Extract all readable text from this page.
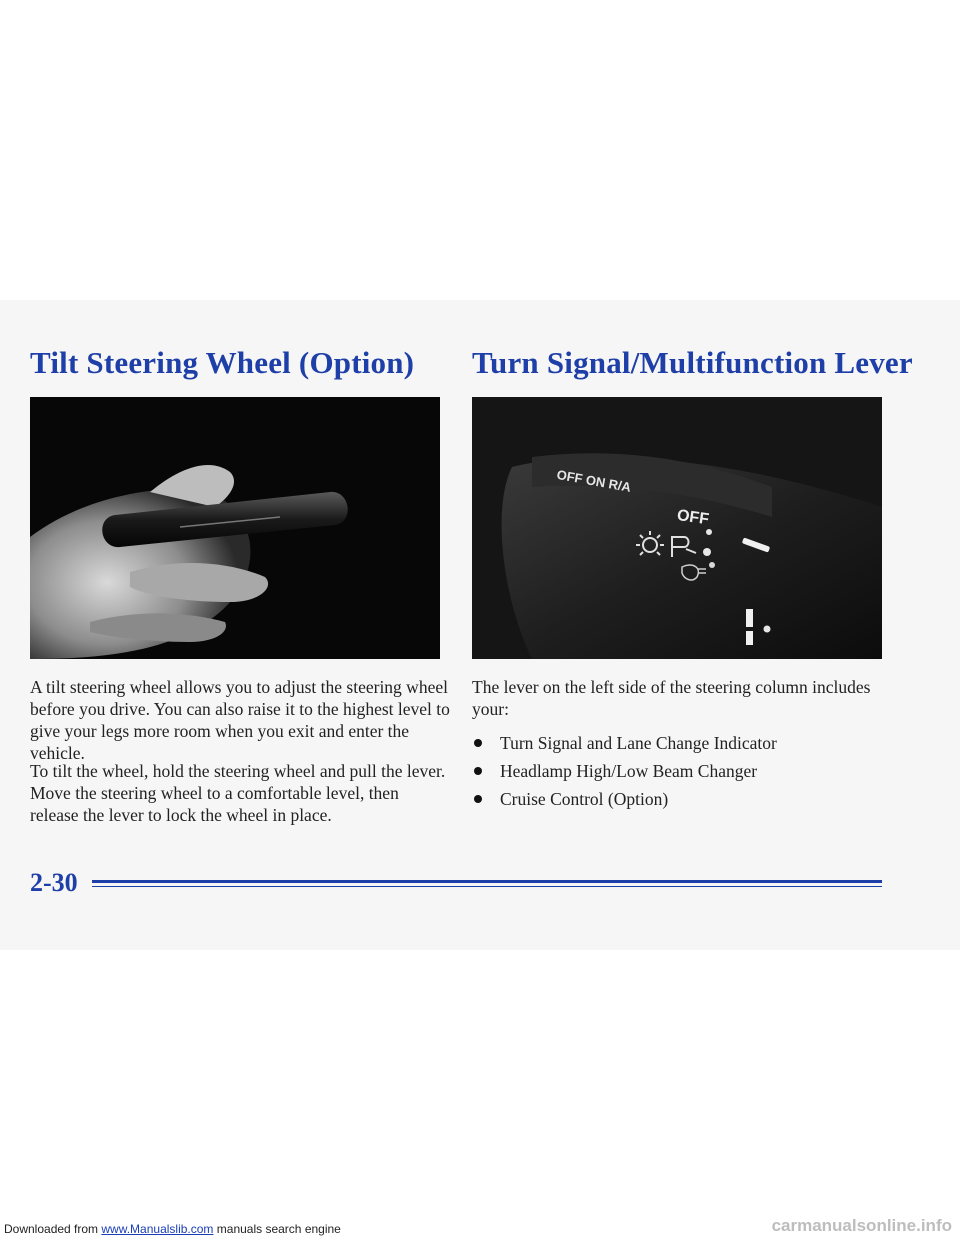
Tilt Steering Wheel (Option) Turn Signal/Multifunction Lever
OFF ON R/A
OFF

A tilt steering wheel allows you to adjust the steering wheel before you drive. You can also raise it to the highest level to give your legs more room when you exit and enter the vehicle.

To tilt the wheel, hold the steering wheel and pull the lever. Move the steering wheel to a comfortable level, then release the lever to lock the wheel in place.

The lever on the left side of the steering column includes your:

Turn Signal and Lane Change Indicator
Headlamp High/Low Beam Changer
Cruise Control (Option)

2-30

Downloaded from www.Manualslib.com manuals search engine	carmanualsonline.info
